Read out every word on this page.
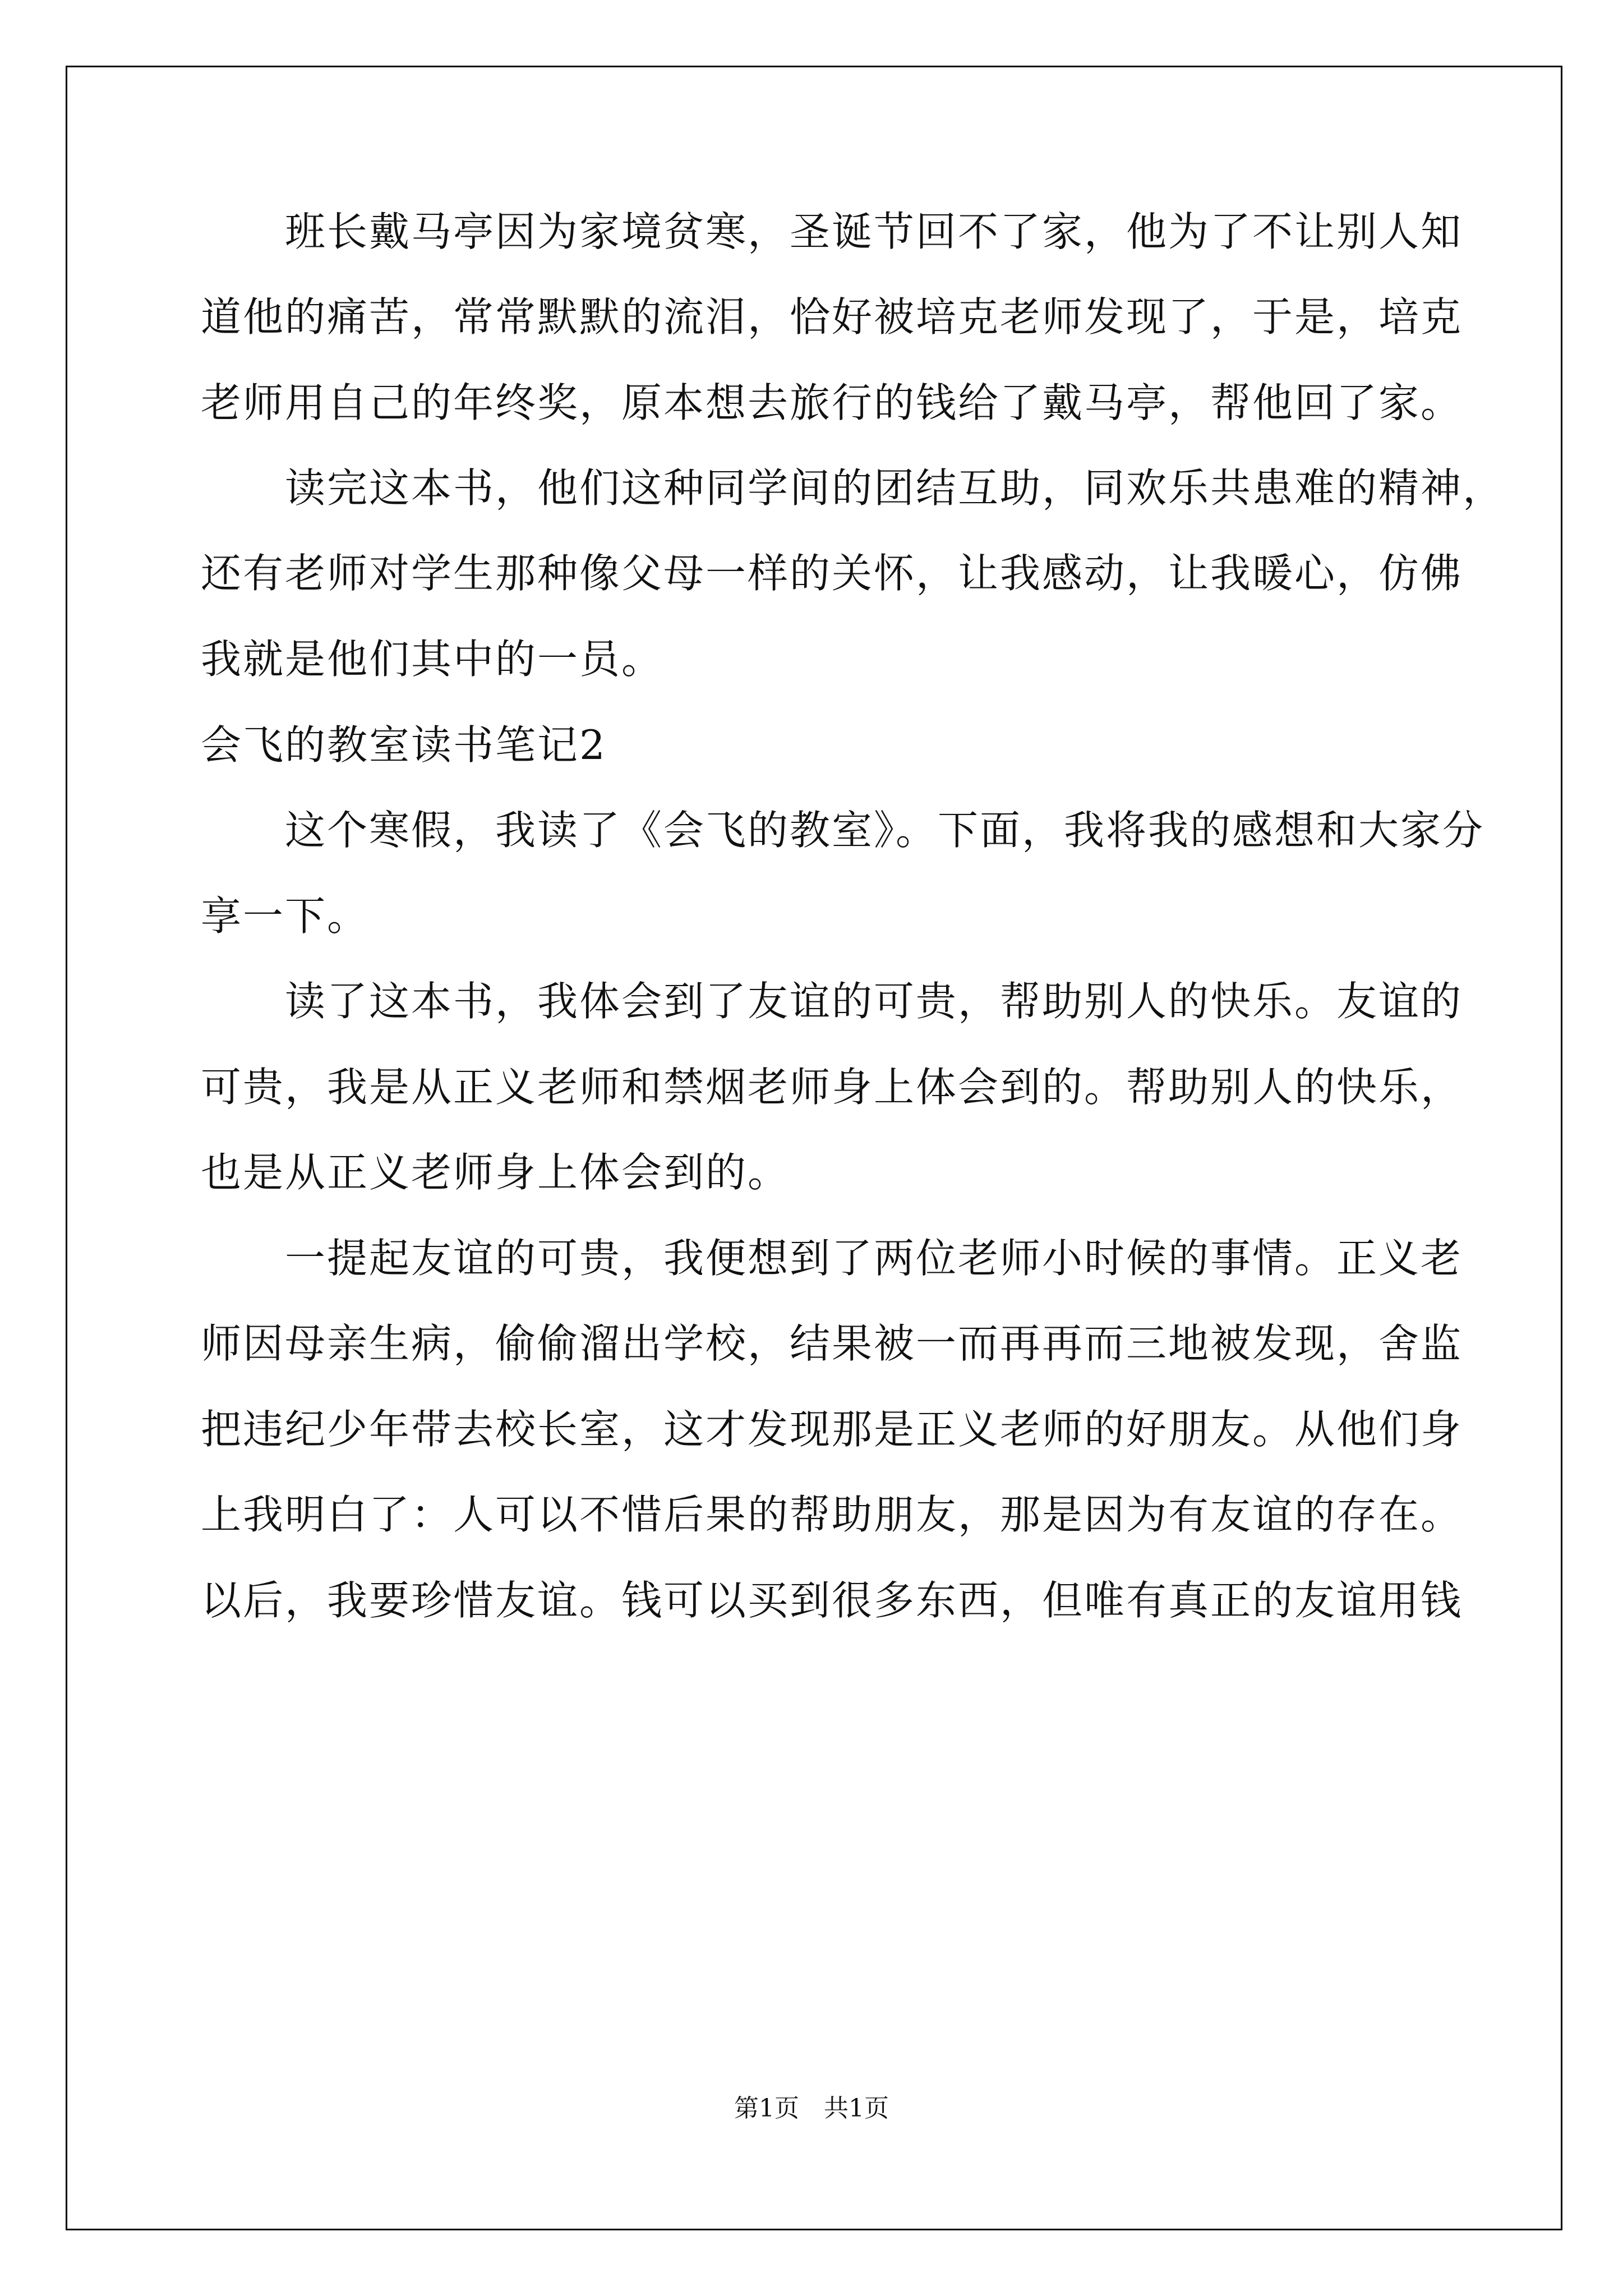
　　班长戴马亭因为家境贫寒，圣诞节回不了家，他为了不让别人知
道他的痛苦，常常默默的流泪，恰好被培克老师发现了，于是，培克
老师用自己的年终奖，原本想去旅行的钱给了戴马亭，帮他回了家。
　　读完这本书，他们这种同学间的团结互助，同欢乐共患难的精神，
还有老师对学生那种像父母一样的关怀，让我感动，让我暖心，仿佛
我就是他们其中的一员。
会飞的教室读书笔记2
　　这个寒假，我读了《会飞的教室》。下面，我将我的感想和大家分
享一下。
　　读了这本书，我体会到了友谊的可贵，帮助别人的快乐。友谊的
可贵，我是从正义老师和禁烟老师身上体会到的。帮助别人的快乐，
也是从正义老师身上体会到的。
　　一提起友谊的可贵，我便想到了两位老师小时候的事情。正义老
师因母亲生病，偷偷溜出学校，结果被一而再再而三地被发现，舍监
把违纪少年带去校长室，这才发现那是正义老师的好朋友。从他们身
上我明白了：人可以不惜后果的帮助朋友，那是因为有友谊的存在。
以后，我要珍惜友谊。钱可以买到很多东西，但唯有真正的友谊用钱
第1页　共1页
